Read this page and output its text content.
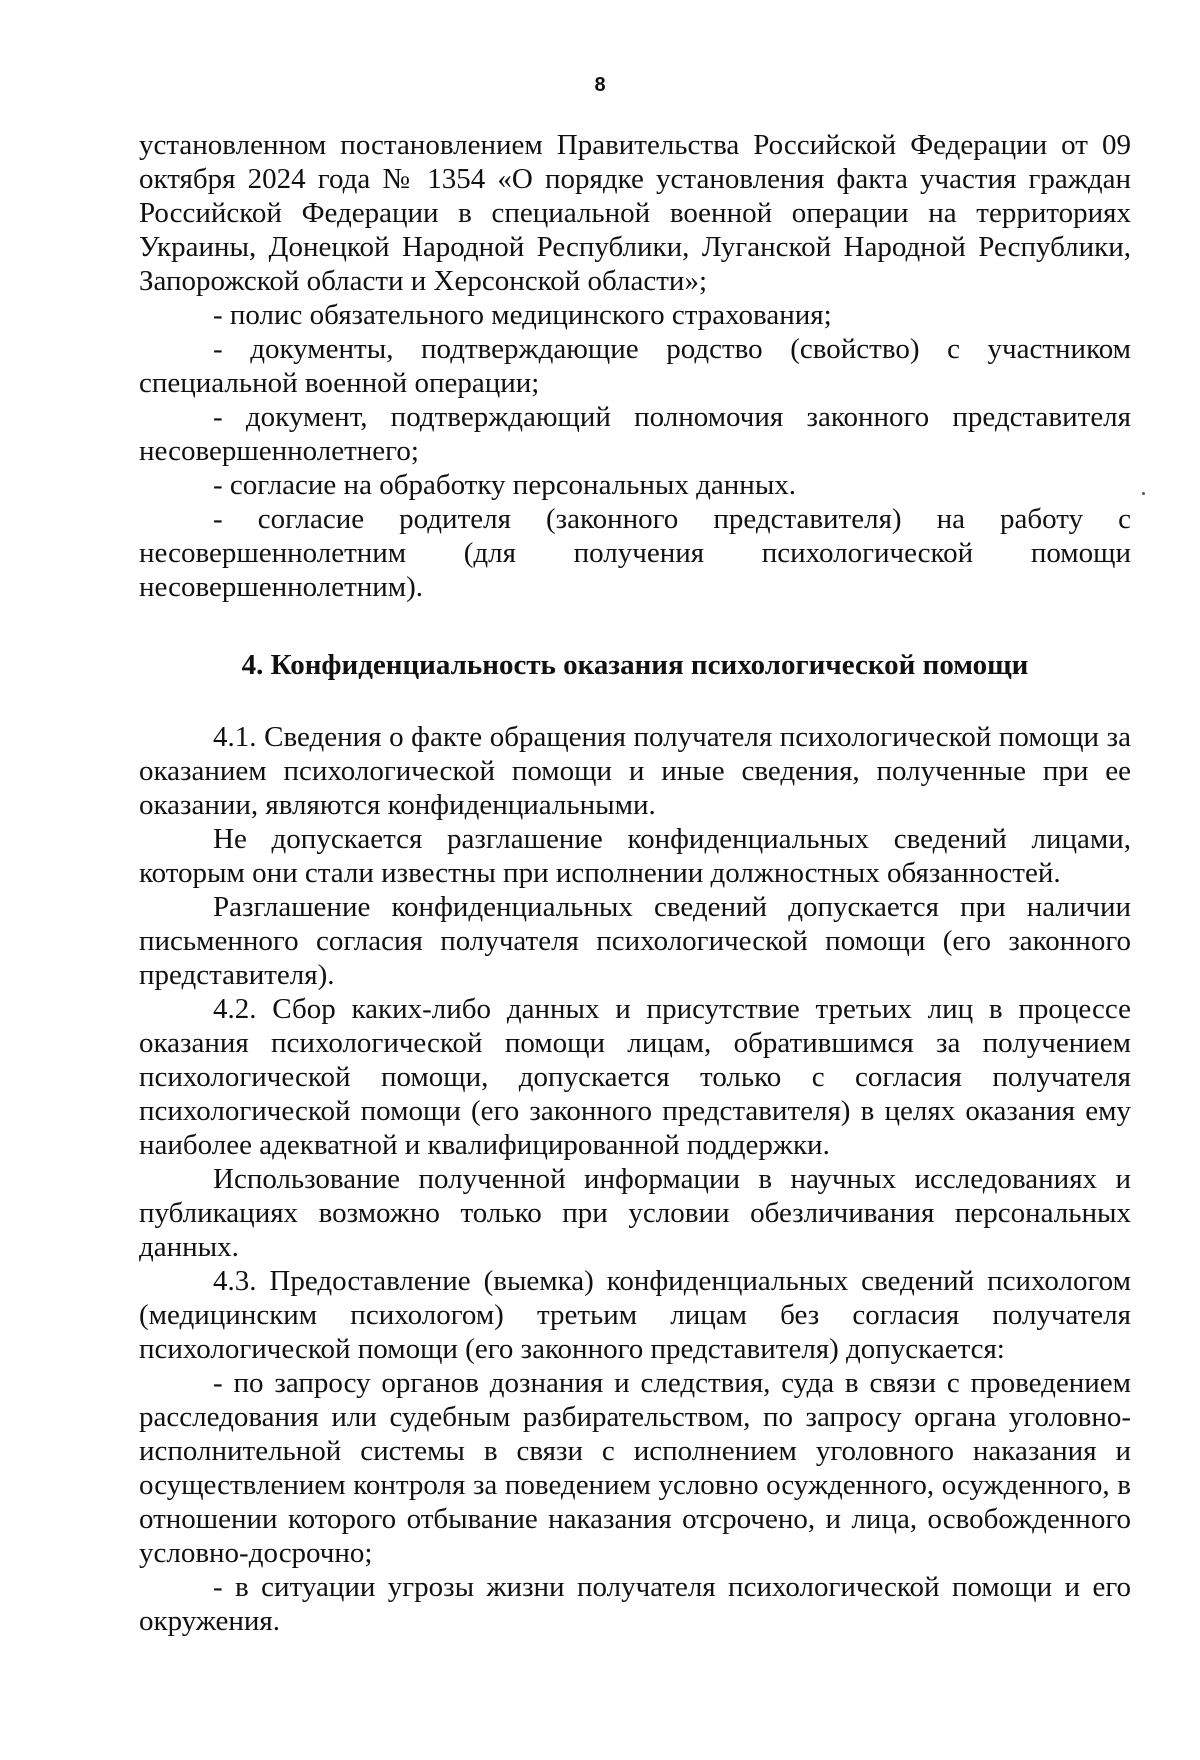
8

установленном постановлением Правительства Российской Федерации от 09 октября 2024 года № 1354 «О порядке установления факта участия граждан Российской Федерации в специальной военной операции на территориях Украины, Донецкой Народной Республики, Луганской Народной Республики, Запорожской области и Херсонской области»;

- полис обязательного медицинского страхования;

- документы, подтверждающие родство (свойство) с участником специальной военной операции;

- документ, подтверждающий полномочия законного представителя несовершеннолетнего;

- согласие на обработку персональных данных.

- согласие родителя (законного представителя) на работу с несовершеннолетним (для получения психологической помощи несовершеннолетним).

4. Конфиденциальность оказания психологической помощи

4.1. Сведения о факте обращения получателя психологической помощи за оказанием психологической помощи и иные сведения, полученные при ее оказании, являются конфиденциальными.

Не допускается разглашение конфиденциальных сведений лицами, которым они стали известны при исполнении должностных обязанностей.

Разглашение конфиденциальных сведений допускается при наличии письменного согласия получателя психологической помощи (его законного представителя).

4.2. Сбор каких-либо данных и присутствие третьих лиц в процессе оказания психологической помощи лицам, обратившимся за получением психологической помощи, допускается только с согласия получателя психологической помощи (его законного представителя) в целях оказания ему наиболее адекватной и квалифицированной поддержки.

Использование полученной информации в научных исследованиях и публикациях возможно только при условии обезличивания персональных данных.

4.3. Предоставление (выемка) конфиденциальных сведений психологом (медицинским психологом) третьим лицам без согласия получателя психологической помощи (его законного представителя) допускается:

- по запросу органов дознания и следствия, суда в связи с проведением расследования или судебным разбирательством, по запросу органа уголовно-исполнительной системы в связи с исполнением уголовного наказания и осуществлением контроля за поведением условно осужденного, осужденного, в отношении которого отбывание наказания отсрочено, и лица, освобожденного условно-досрочно;

- в ситуации угрозы жизни получателя психологической помощи и его окружения.
